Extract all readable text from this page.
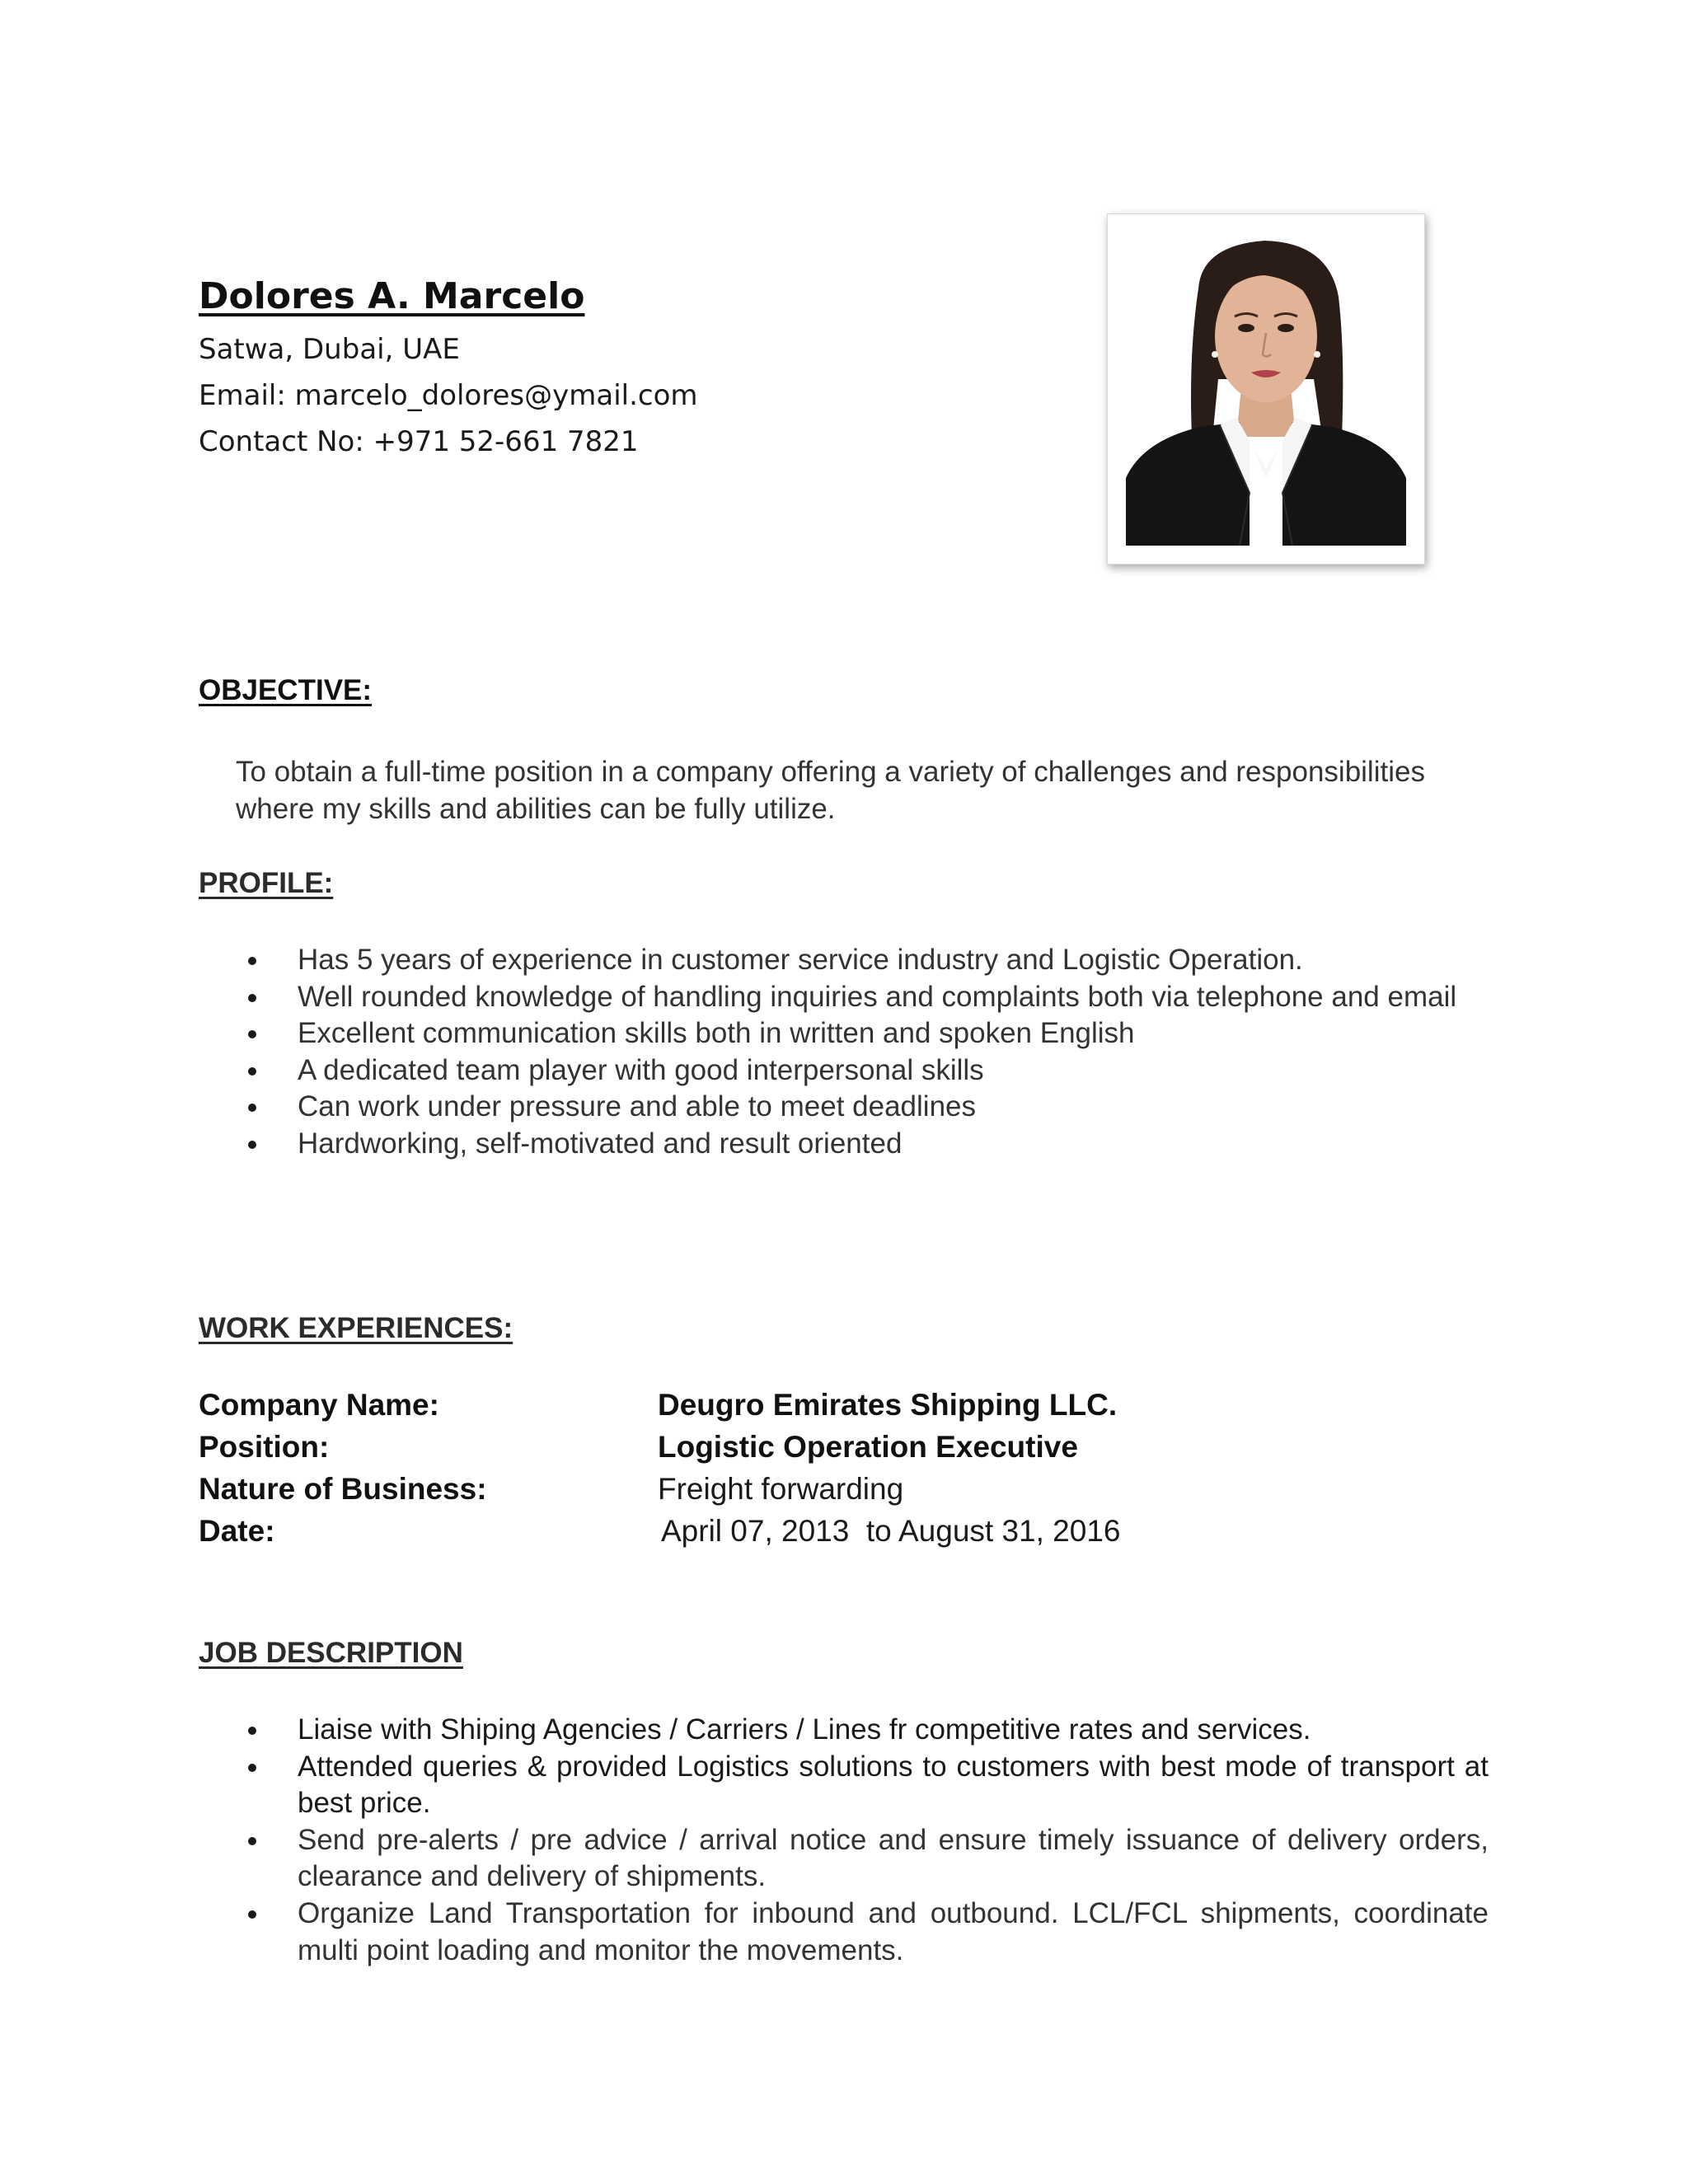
Dolores A. Marcelo
Satwa, Dubai, UAE
Email: marcelo_dolores@ymail.com
Contact No: +971 52-661 7821
OBJECTIVE:

To obtain a full-time position in a company offering a variety of challenges and responsibilities where my skills and abilities can be fully utilize.

PROFILE:
Has 5 years of experience in customer service industry and Logistic Operation.
Well rounded knowledge of handling inquiries and complaints both via telephone and email
Excellent communication skills both in written and spoken English
A dedicated team player with good interpersonal skills
Can work under pressure and able to meet deadlines
Hardworking, self-motivated and result oriented
WORK EXPERIENCES:
Company Name:	Deugro Emirates Shipping LLC.
Position:	Logistic Operation Executive
Nature of Business:	Freight forwarding
Date:	April 07, 2013  to August 31, 2016
JOB DESCRIPTION
Liaise with Shiping Agencies / Carriers / Lines fr competitive rates and services.
Attended queries & provided Logistics solutions to customers with best mode of transport at best price.
Send pre-alerts / pre advice / arrival notice and ensure timely issuance of delivery orders, clearance and delivery of shipments.
Organize Land Transportation for inbound and outbound. LCL/FCL shipments, coordinate multi point loading and monitor the movements.
